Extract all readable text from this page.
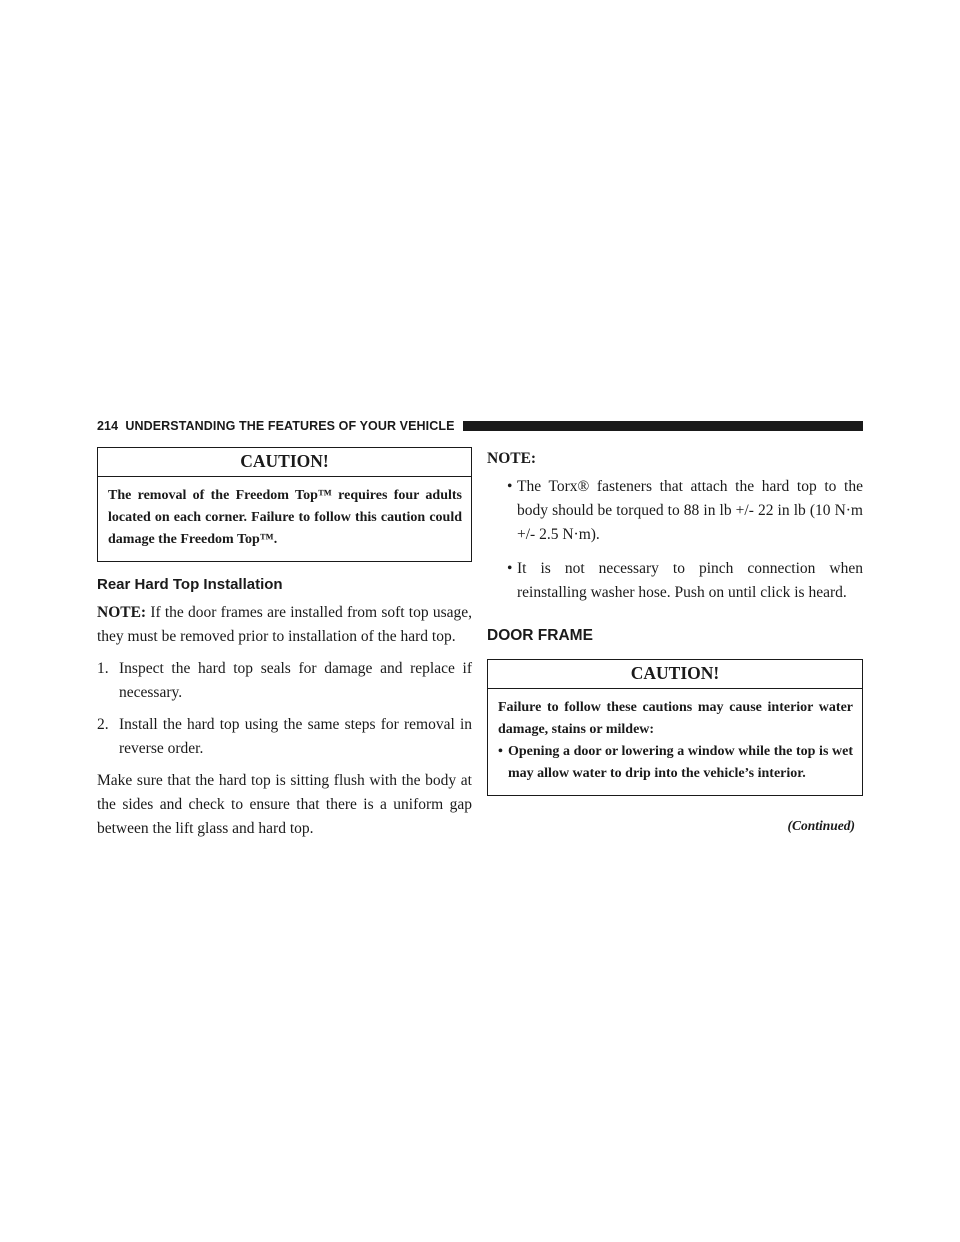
214 UNDERSTANDING THE FEATURES OF YOUR VEHICLE
CAUTION!
The removal of the Freedom Top™ requires four adults located on each corner. Failure to follow this caution could damage the Freedom Top™.
Rear Hard Top Installation

NOTE: If the door frames are installed from soft top usage, they must be removed prior to installation of the hard top.

1. Inspect the hard top seals for damage and replace if necessary.
2. Install the hard top using the same steps for removal in reverse order.

Make sure that the hard top is sitting flush with the body at the sides and check to ensure that there is a uniform gap between the lift glass and hard top.

NOTE:

• The Torx® fasteners that attach the hard top to the body should be torqued to 88 in lb +/- 22 in lb (10 N·m +/- 2.5 N·m).
• It is not necessary to pinch connection when reinstalling washer hose. Push on until click is heard.
DOOR FRAME
CAUTION!
Failure to follow these cautions may cause interior water damage, stains or mildew:
• Opening a door or lowering a window while the top is wet may allow water to drip into the vehicle’s interior.
(Continued)
